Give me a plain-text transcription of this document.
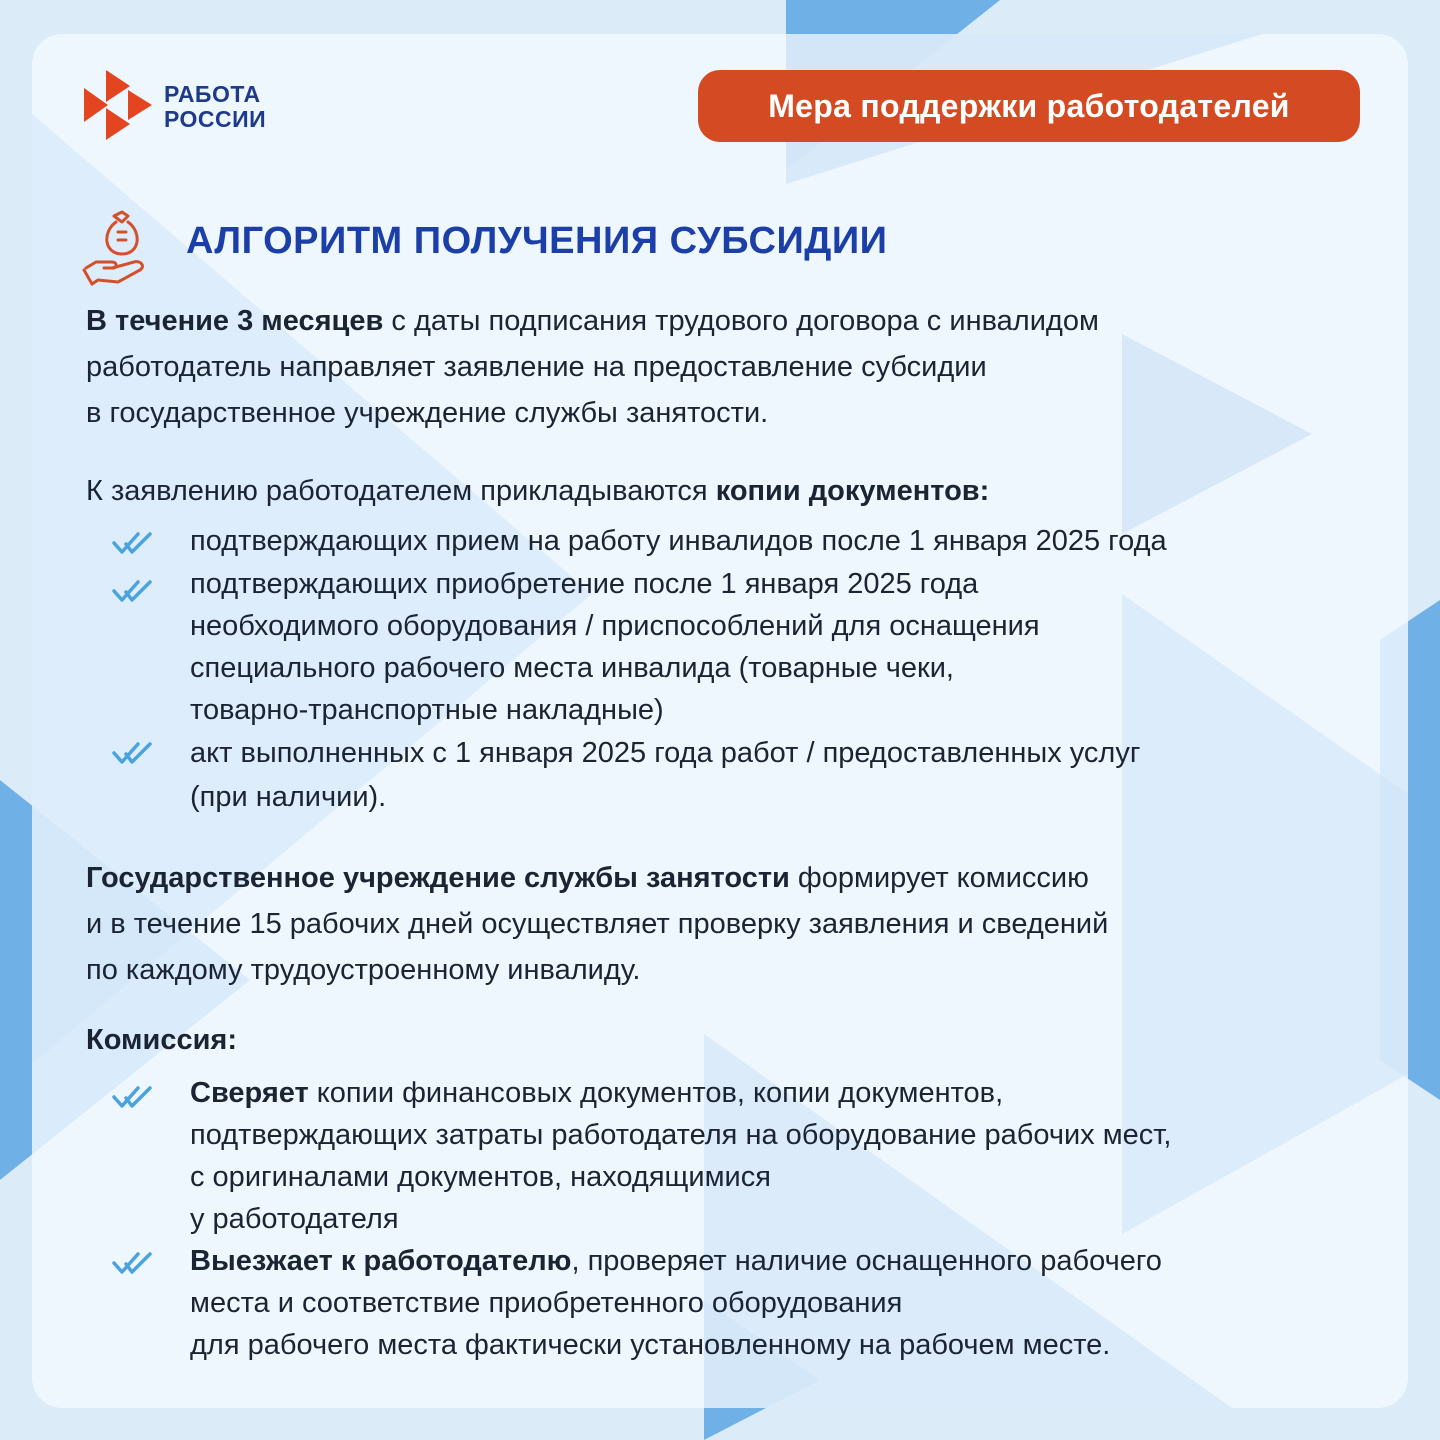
РАБОТА
РОССИИ	Мера поддержки работодателей
АЛГОРИТМ ПОЛУЧЕНИЯ СУБСИДИИ
В течение 3 месяцев с даты подписания трудового договора с инвалидом
работодатель направляет заявление на предоставление субсидии
в государственное учреждение службы занятости.
К заявлению работодателем прикладываются копии документов:
подтверждающих прием на работу инвалидов после 1 января 2025 года
подтверждающих приобретение после 1 января 2025 года
необходимого оборудования / приспособлений для оснащения
специального рабочего места инвалида (товарные чеки,
товарно-транспортные накладные)
акт выполненных с 1 января 2025 года работ / предоставленных услуг
(при наличии).
Государственное учреждение службы занятости формирует комиссию
и в течение 15 рабочих дней осуществляет проверку заявления и сведений
по каждому трудоустроенному инвалиду.
Комиссия:
Сверяет копии финансовых документов, копии документов,
подтверждающих затраты работодателя на оборудование рабочих мест,
с оригиналами документов, находящимися
у работодателя
Выезжает к работодателю, проверяет наличие оснащенного рабочего
места и соответствие приобретенного оборудования
для рабочего места фактически установленному на рабочем месте.
